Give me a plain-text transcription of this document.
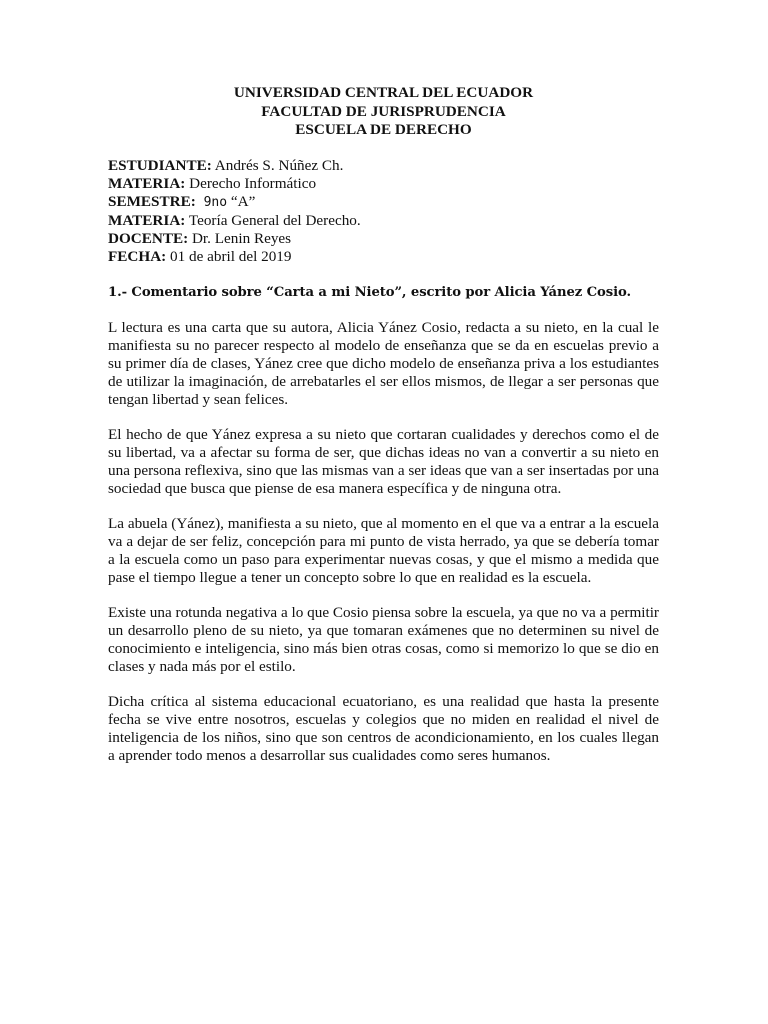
UNIVERSIDAD CENTRAL DEL ECUADOR
FACULTAD DE JURISPRUDENCIA
ESCUELA DE DERECHO
ESTUDIANTE: Andrés S. Núñez Ch.
MATERIA: Derecho Informático
SEMESTRE: 9no “A”
MATERIA: Teoría General del Derecho.
DOCENTE: Dr. Lenin Reyes
FECHA: 01 de abril del 2019
1.- Comentario sobre “Carta a mi Nieto”, escrito por Alicia Yánez Cosio.

L lectura es una carta que su autora, Alicia Yánez Cosio, redacta a su nieto, en la cual le manifiesta su no parecer respecto al modelo de enseñanza que se da en escuelas previo a su primer día de clases, Yánez cree que dicho modelo de enseñanza priva a los estudiantes de utilizar la imaginación, de arrebatarles el ser ellos mismos, de llegar a ser personas que tengan libertad y sean felices.

El hecho de que Yánez expresa a su nieto que cortaran cualidades y derechos como el de su libertad, va a afectar su forma de ser, que dichas ideas no van a convertir a su nieto en una persona reflexiva, sino que las mismas van a ser ideas que van a ser insertadas por una sociedad que busca que piense de esa manera específica y de ninguna otra.

La abuela (Yánez), manifiesta a su nieto, que al momento en el que va a entrar a la escuela va a dejar de ser feliz, concepción para mi punto de vista herrado, ya que se debería tomar a la escuela como un paso para experimentar nuevas cosas, y que el mismo a medida que pase el tiempo llegue a tener un concepto sobre lo que en realidad es la escuela.

Existe una rotunda negativa a lo que Cosio piensa sobre la escuela, ya que no va a permitir un desarrollo pleno de su nieto, ya que tomaran exámenes que no determinen su nivel de conocimiento e inteligencia, sino más bien otras cosas, como si memorizo lo que se dio en clases y nada más por el estilo.

Dicha crítica al sistema educacional ecuatoriano, es una realidad que hasta la presente fecha se vive entre nosotros, escuelas y colegios que no miden en realidad el nivel de inteligencia de los niños, sino que son centros de acondicionamiento, en los cuales llegan a aprender todo menos a desarrollar sus cualidades como seres humanos.
